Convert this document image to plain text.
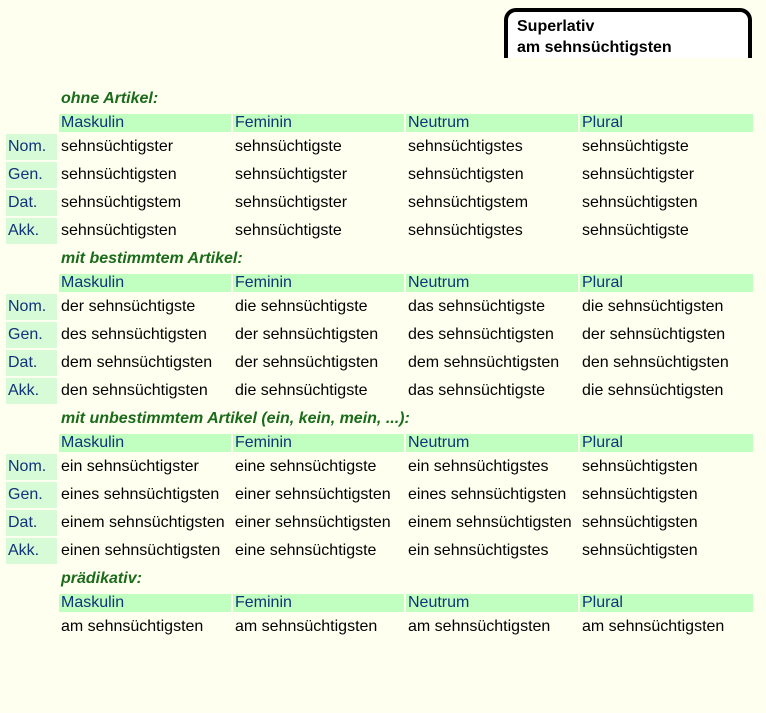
Superlativ
am sehnsüchtigsten
	ohne Artikel:			
	Maskulin	Feminin	Neutrum	Plural
Nom.	sehnsüchtigster	sehnsüchtigste	sehnsüchtigstes	sehnsüchtigste
Gen.	sehnsüchtigsten	sehnsüchtigster	sehnsüchtigsten	sehnsüchtigster
Dat.	sehnsüchtigstem	sehnsüchtigster	sehnsüchtigstem	sehnsüchtigsten
Akk.	sehnsüchtigsten	sehnsüchtigste	sehnsüchtigstes	sehnsüchtigste
	mit bestimmtem Artikel:			
	Maskulin	Feminin	Neutrum	Plural
Nom.	der sehnsüchtigste	die sehnsüchtigste	das sehnsüchtigste	die sehnsüchtigsten
Gen.	des sehnsüchtigsten	der sehnsüchtigsten	des sehnsüchtigsten	der sehnsüchtigsten
Dat.	dem sehnsüchtigsten	der sehnsüchtigsten	dem sehnsüchtigsten	den sehnsüchtigsten
Akk.	den sehnsüchtigsten	die sehnsüchtigste	das sehnsüchtigste	die sehnsüchtigsten
	mit unbestimmtem Artikel (ein, kein, mein, ...):			
	Maskulin	Feminin	Neutrum	Plural
Nom.	ein sehnsüchtigster	eine sehnsüchtigste	ein sehnsüchtigstes	sehnsüchtigsten
Gen.	eines sehnsüchtigsten	einer sehnsüchtigsten	eines sehnsüchtigsten	sehnsüchtigsten
Dat.	einem sehnsüchtigsten	einer sehnsüchtigsten	einem sehnsüchtigsten	sehnsüchtigsten
Akk.	einen sehnsüchtigsten	eine sehnsüchtigste	ein sehnsüchtigstes	sehnsüchtigsten
	prädikativ:			
	Maskulin	Feminin	Neutrum	Plural
	am sehnsüchtigsten	am sehnsüchtigsten	am sehnsüchtigsten	am sehnsüchtigsten
